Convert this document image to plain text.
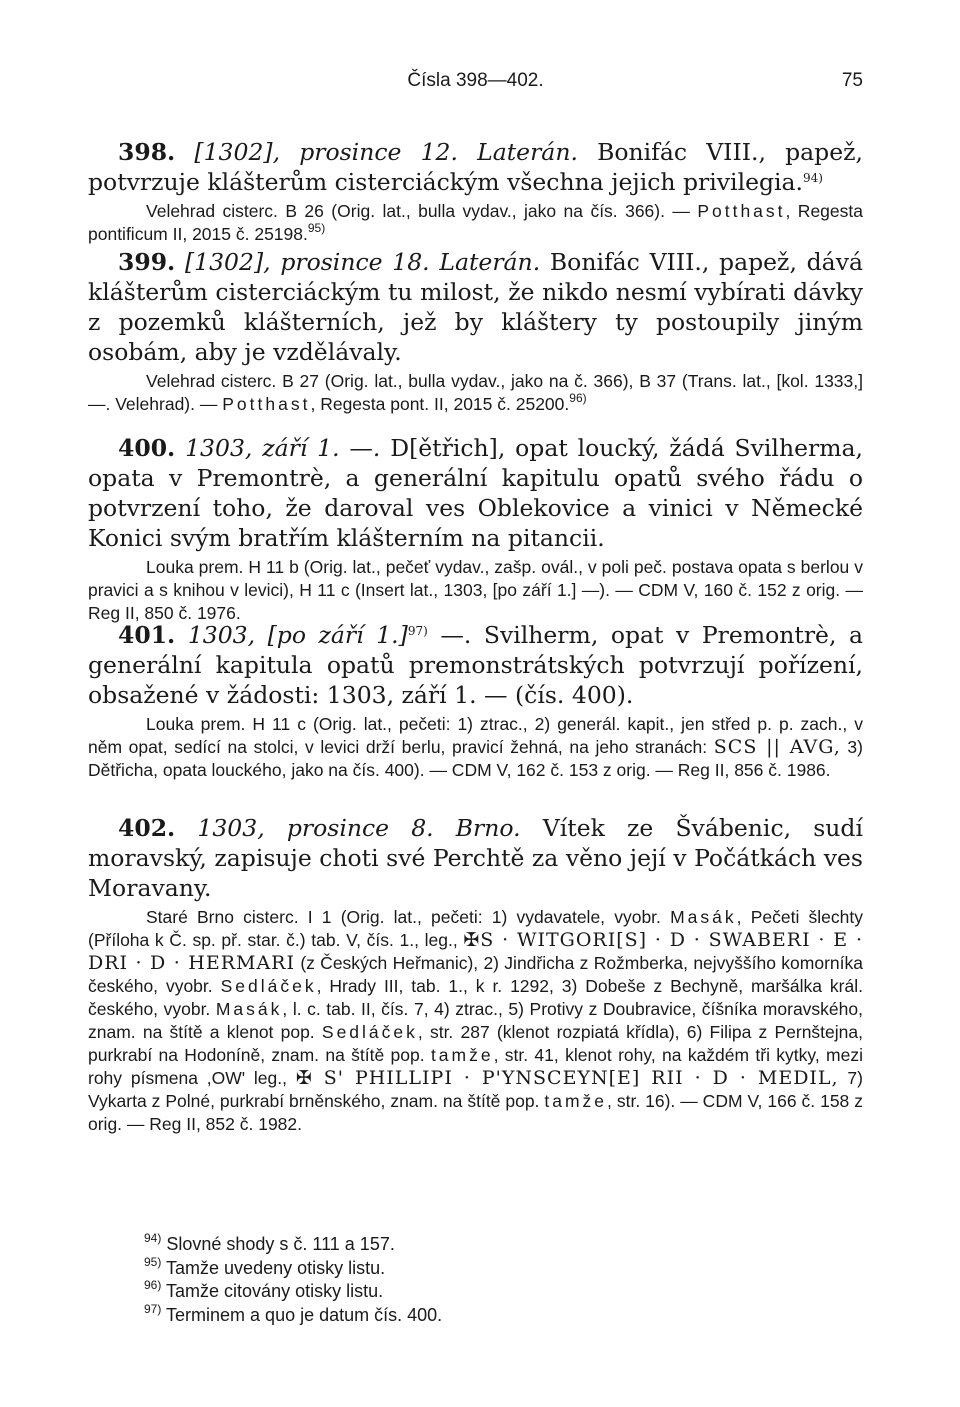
Čísla 398—402.	75

398. [1302], prosince 12. Laterán. Bonifác VIII., papež, potvrzuje klášterům cisterciáckým všechna jejich privilegia.$^{94)}$

Velehrad cisterc. B 26 (Orig. lat., bulla vydav., jako na čís. 366). — Potthast, Regesta pontificum II, 2015 č. 25198.$^{95)}$

399. [1302], prosince 18. Laterán. Bonifác VIII., papež, dává klášterům cisterciáckým tu milost, že nikdo nesmí vybírati dávky z pozemků klášterních, jež by kláštery ty postoupily jiným osobám, aby je vzdělávaly.

Velehrad cisterc. B 27 (Orig. lat., bulla vydav., jako na č. 366), B 37 (Trans. lat., [kol. 1333,] —. Velehrad). — Potthast, Regesta pont. II, 2015 č. 25200.$^{96)}$

400. 1303, září 1. —. D[ětřich], opat loucký, žádá Svilherma, opata v Premontrè, a generální kapitulu opatů svého řádu o potvrzení toho, že daroval ves Oblekovice a vinici v Německé Konici svým bratřím klášterním na pitancii.

Louka prem. H 11 b (Orig. lat., pečeť vydav., zašp. ovál., v poli peč. postava opata s berlou v pravici a s knihou v levici), H 11 c (Insert lat., 1303, [po září 1.] —). — CDM V, 160 č. 152 z orig. — Reg II, 850 č. 1976.

401. 1303, [po září 1.]$^{97)}$ —. Svilherm, opat v Premontrè, a generální kapitula opatů premonstrátských potvrzují pořízení, obsažené v žádosti: 1303, září 1. — (čís. 400).

Louka prem. H 11 c (Orig. lat., pečeti: 1) ztrac., 2) generál. kapit., jen střed p. p. zach., v něm opat, sedící na stolci, v levici drží berlu, pravicí žehná, na jeho stranách: SCS || AVG, 3) Dětřicha, opata louckého, jako na čís. 400). — CDM V, 162 č. 153 z orig. — Reg II, 856 č. 1986.

402. 1303, prosince 8. Brno. Vítek ze Švábenic, sudí moravský, zapisuje choti své Perchtě za věno její v Počátkách ves Moravany.

Staré Brno cisterc. I 1 (Orig. lat., pečeti: 1) vydavatele, vyobr. Masák, Pečeti šlechty (Příloha k Č. sp. př. star. č.) tab. V, čís. 1., leg., ✠S · WITGORI[S] · D · SWABERI · E · DRI · D · HERMARI (z Českých Heřmanic), 2) Jindřicha z Rožmberka, nejvyššího komorníka českého, vyobr. Sedláček, Hrady III, tab. 1., k r. 1292, 3) Dobeše z Bechyně, maršálka král. českého, vyobr. Masák, l. c. tab. II, čís. 7, 4) ztrac., 5) Protivy z Doubravice, číšníka moravského, znam. na štítě a klenot pop. Sedláček, str. 287 (klenot rozpiatá křídla), 6) Filipa z Pernštejna, purkrabí na Hodoníně, znam. na štítě pop. tamže, str. 41, klenot rohy, na každém tři kytky, mezi rohy písmena ,OW' leg., ✠ S' PHILLIPI · P'YNSCEYN[E] RII · D · MEDIL, 7) Vykarta z Polné, purkrabí brněnského, znam. na štítě pop. tamže, str. 16). — CDM V, 166 č. 158 z orig. — Reg II, 852 č. 1982.

$^{94)}$ Slovné shody s č. 111 a 157.
$^{95)}$ Tamže uvedeny otisky listu.
$^{96)}$ Tamže citovány otisky listu.
$^{97)}$ Terminem a quo je datum čís. 400.
